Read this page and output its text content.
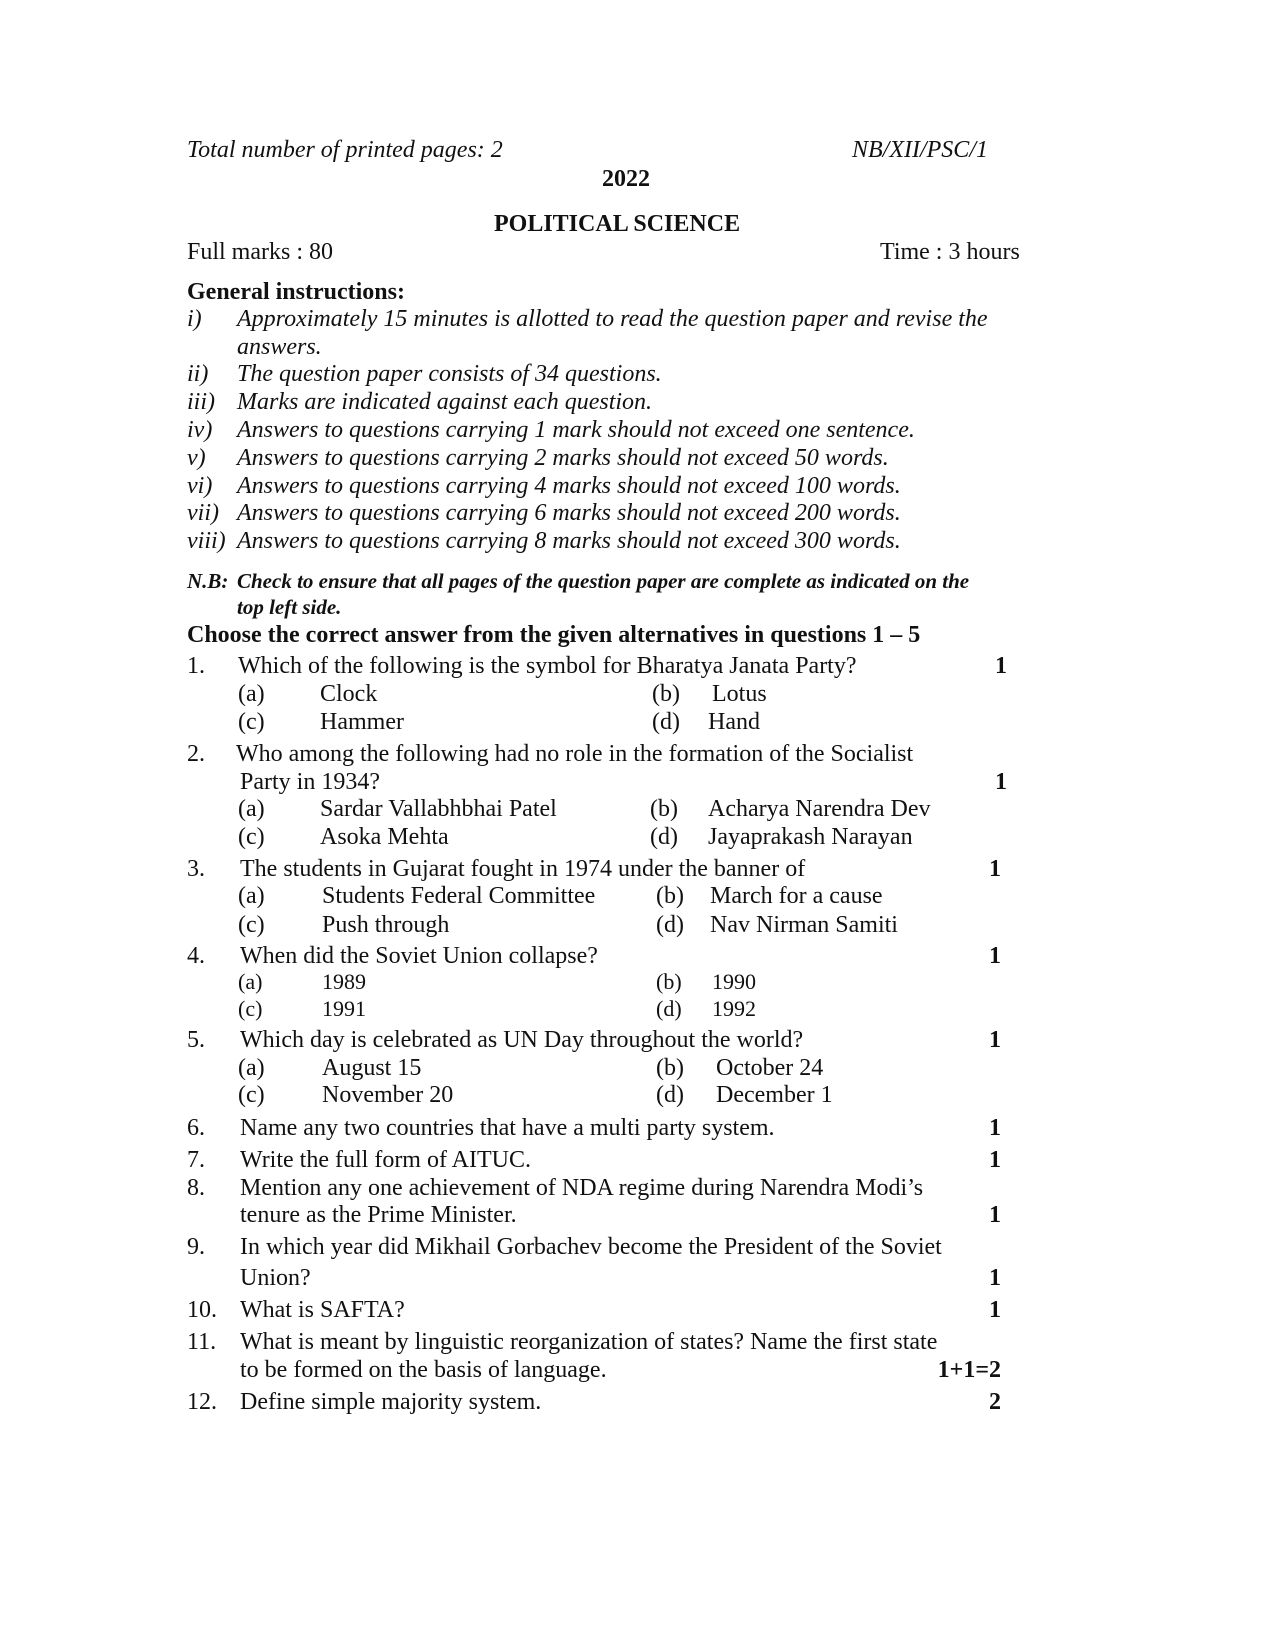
Total number of printed pages: 2	NB/XII/PSC/1
2022
POLITICAL SCIENCE
Full marks : 80	Time : 3 hours
General instructions:
i) Approximately 15 minutes is allotted to read the question paper and revise the
answers.
ii) The question paper consists of 34 questions.
iii) Marks are indicated against each question.
iv) Answers to questions carrying 1 mark should not exceed one sentence.
v) Answers to questions carrying 2 marks should not exceed 50 words.
vi) Answers to questions carrying 4 marks should not exceed 100 words.
vii) Answers to questions carrying 6 marks should not exceed 200 words.
viii) Answers to questions carrying 8 marks should not exceed 300 words.
N.B: Check to ensure that all pages of the question paper are complete as indicated on the
top left side.
Choose the correct answer from the given alternatives in questions 1 – 5
1. Which of the following is the symbol for Bharatya Janata Party?	1
(a) Clock	(b) Lotus
(c) Hammer	(d) Hand
2. Who among the following had no role in the formation of the Socialist
Party in 1934?	1
(a) Sardar Vallabhbhai Patel	(b) Acharya Narendra Dev
(c) Asoka Mehta	(d) Jayaprakash Narayan
3. The students in Gujarat fought in 1974 under the banner of	1
(a) Students Federal Committee	(b) March for a cause
(c) Push through	(d) Nav Nirman Samiti
4. When did the Soviet Union collapse?	1
(a)	1989	(b) 1990
(c)	1991	(d) 1992
5. Which day is celebrated as UN Day throughout the world?	1
(a) August 15	(b) October 24
(c) November 20	(d) December 1
6. Name any two countries that have a multi party system.	1
7. Write the full form of AITUC.	1
8. Mention any one achievement of NDA regime during Narendra Modi’s
tenure as the Prime Minister.	1
9. In which year did Mikhail Gorbachev become the President of the Soviet
Union?	1
10. What is SAFTA?	1
11. What is meant by linguistic reorganization of states? Name the first state
to be formed on the basis of language.	1+1=2
12. Define simple majority system.	2
